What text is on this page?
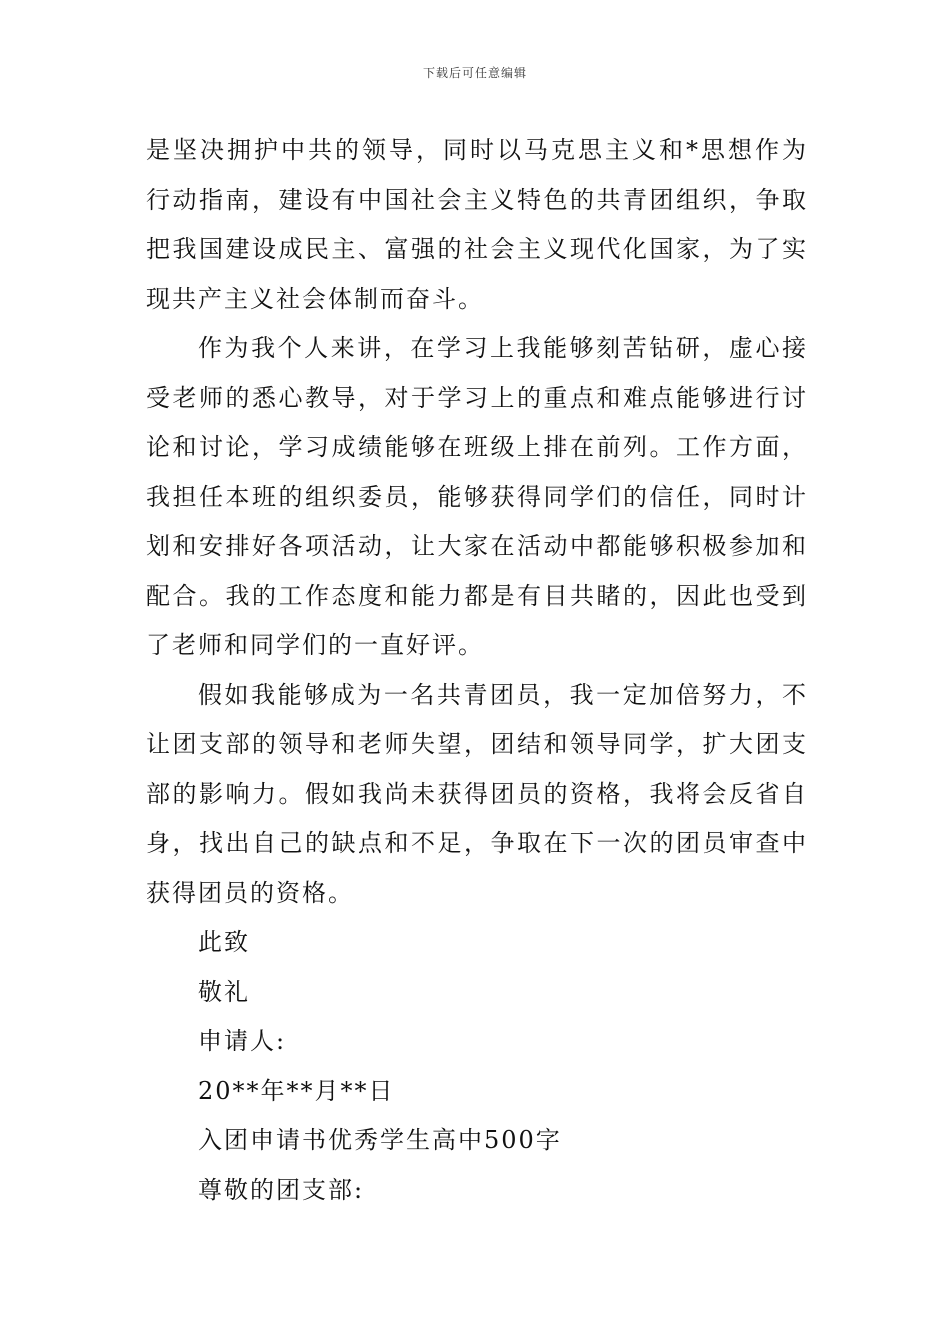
下载后可任意编辑

是坚决拥护中共的领导，同时以马克思主义和*思想作为行动指南，建设有中国社会主义特色的共青团组织，争取把我国建设成民主、富强的社会主义现代化国家，为了实现共产主义社会体制而奋斗。

作为我个人来讲，在学习上我能够刻苦钻研，虚心接受老师的悉心教导，对于学习上的重点和难点能够进行讨论和讨论，学习成绩能够在班级上排在前列。工作方面，我担任本班的组织委员，能够获得同学们的信任，同时计划和安排好各项活动，让大家在活动中都能够积极参加和配合。我的工作态度和能力都是有目共睹的，因此也受到了老师和同学们的一直好评。

假如我能够成为一名共青团员，我一定加倍努力，不让团支部的领导和老师失望，团结和领导同学，扩大团支部的影响力。假如我尚未获得团员的资格，我将会反省自身，找出自己的缺点和不足，争取在下一次的团员审查中获得团员的资格。

此致

敬礼

申请人:

20**年**月**日

入团申请书优秀学生高中500字

尊敬的团支部:
